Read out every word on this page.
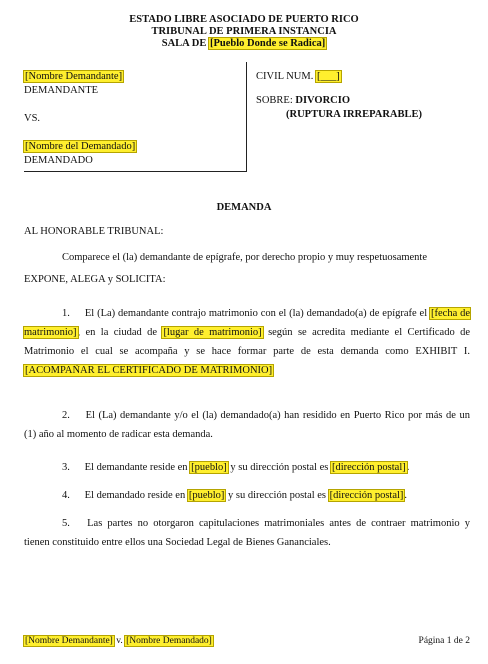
ESTADO LIBRE ASOCIADO DE PUERTO RICO
TRIBUNAL DE PRIMERA INSTANCIA
SALA DE [Pueblo Donde se Radica]
[Nombre Demandante]
DEMANDANTE
VS.
[Nombre del Demandado]
DEMANDADO
CIVIL NUM. [___]
SOBRE: DIVORCIO
(RUPTURA IRREPARABLE)
DEMANDA
AL HONORABLE TRIBUNAL:
Comparece el (la) demandante de epígrafe, por derecho propio y muy respetuosamente
EXPONE, ALEGA y SOLICITA:
1. El (La) demandante contrajo matrimonio con el (la) demandado(a) de epígrafe el [fecha de matrimonio], en la ciudad de [lugar de matrimonio] según se acredita mediante el Certificado de Matrimonio el cual se acompaña y se hace formar parte de esta demanda como EXHIBIT I. [ACOMPAÑAR EL CERTIFICADO DE MATRIMONIO]
2. El (La) demandante y/o el (la) demandado(a) han residido en Puerto Rico por más de un (1) año al momento de radicar esta demanda.
3. El demandante reside en [pueblo] y su dirección postal es [dirección postal].
4. El demandado reside en [pueblo] y su dirección postal es [dirección postal].
5. Las partes no otorgaron capitulaciones matrimoniales antes de contraer matrimonio y tienen constituido entre ellos una Sociedad Legal de Bienes Gananciales.
[Nombre Demandante] v. [Nombre Demandado]	Página 1 de 2
